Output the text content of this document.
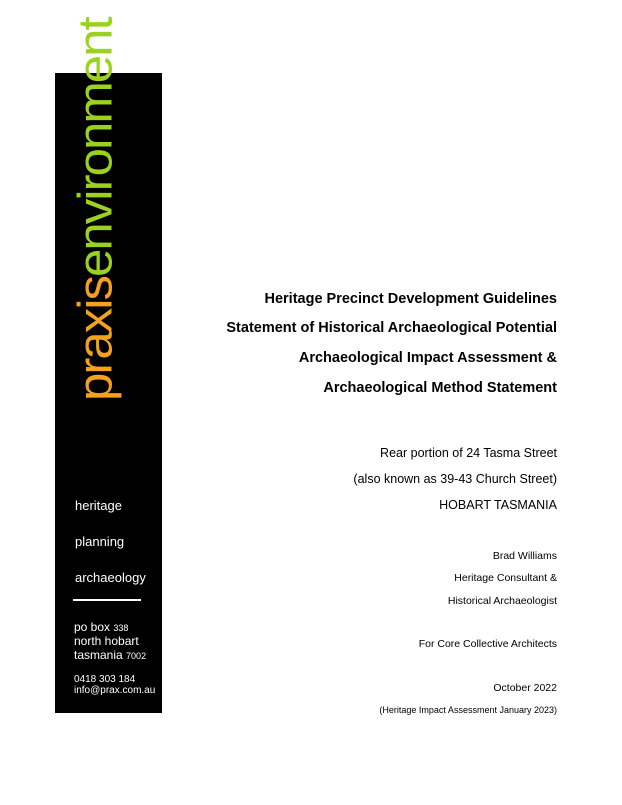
praxisenvironment
heritage
planning
archaeology
po box 338
north hobart
tasmania 7002
0418 303 184
info@prax.com.au
Heritage Precinct Development Guidelines
Statement of Historical Archaeological Potential
Archaeological Impact Assessment &
Archaeological Method Statement
Rear portion of 24 Tasma Street
(also known as 39-43 Church Street)
HOBART TASMANIA
Brad Williams
Heritage Consultant &
Historical Archaeologist
For Core Collective Architects
October 2022
(Heritage Impact Assessment January 2023)
